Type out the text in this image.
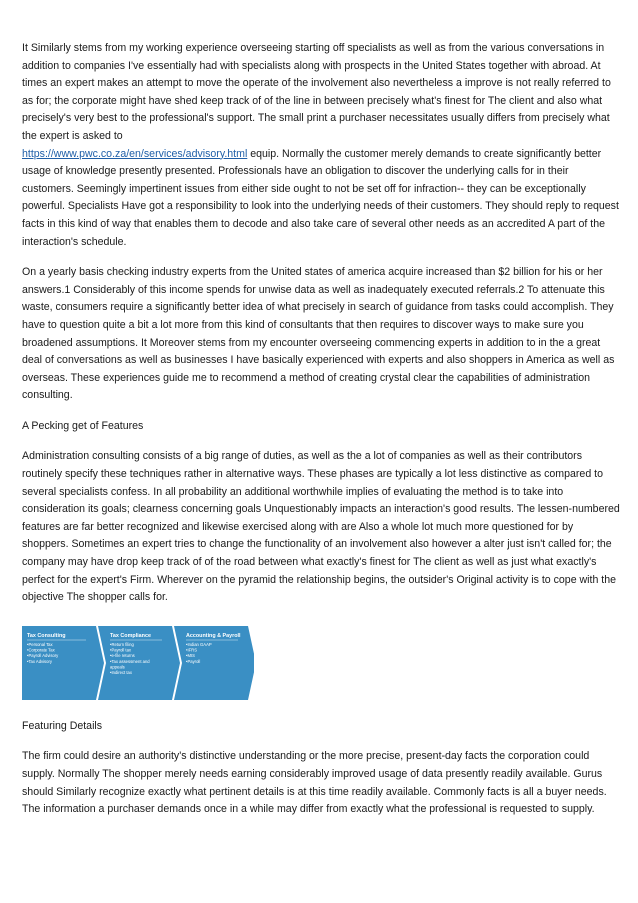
It Similarly stems from my working experience overseeing starting off specialists as well as from the various conversations in addition to companies I've essentially had with specialists along with prospects in the United States together with abroad. At times an expert makes an attempt to move the operate of the involvement also nevertheless a improve is not really referred to as for; the corporate might have shed keep track of of the line in between precisely what's finest for The client and also what precisely's very best to the professional's support. The small print a purchaser necessitates usually differs from precisely what the expert is asked to
https://www.pwc.co.za/en/services/advisory.html equip. Normally the customer merely demands to create significantly better usage of knowledge presently presented. Professionals have an obligation to discover the underlying calls for in their customers. Seemingly impertinent issues from either side ought to not be set off for infraction-- they can be exceptionally powerful. Specialists Have got a responsibility to look into the underlying needs of their customers. They should reply to request facts in this kind of way that enables them to decode and also take care of several other needs as an accredited A part of the interaction's schedule.

On a yearly basis checking industry experts from the United states of america acquire increased than $2 billion for his or her answers.1 Considerably of this income spends for unwise data as well as inadequately executed referrals.2 To attenuate this waste, consumers require a significantly better idea of what precisely in search of guidance from tasks could accomplish. They have to question quite a bit a lot more from this kind of consultants that then requires to discover ways to make sure you broadened assumptions. It Moreover stems from my encounter overseeing commencing experts in addition to in the a great deal of conversations as well as businesses I have basically experienced with experts and also shoppers in America as well as overseas. These experiences guide me to recommend a method of creating crystal clear the capabilities of administration consulting.

A Pecking get of Features

Administration consulting consists of a big range of duties, as well as the a lot of companies as well as their contributors routinely specify these techniques rather in alternative ways. These phases are typically a lot less distinctive as compared to several specialists confess. In all probability an additional worthwhile implies of evaluating the method is to take into consideration its goals; clearness concerning goals Unquestionably impacts an interaction's good results. The lessen-numbered features are far better recognized and likewise exercised along with are Also a whole lot much more questioned for by shoppers. Sometimes an expert tries to change the functionality of an involvement also however a alter just isn't called for; the company may have drop keep track of of the road between what exactly's finest for The client as well as just what exactly's perfect for the expert's Firm. Wherever on the pyramid the relationship begins, the outsider's Original activity is to cope with the objective The shopper calls for.

Tax Consulting
•Personal Tax
•Corporate Tax
•Payroll Advisory
•Tax Advisory
Tax Compliance
•Return filing
•Payroll tax
•e-file returns
•Tax assessment and
appeals
•Indirect tax
Accounting & Payroll
•Indian GAAP
•IFRS
•MIS
•Payroll

Featuring Details

The firm could desire an authority's distinctive understanding or the more precise, present-day facts the corporation could supply. Normally The shopper merely needs earning considerably improved usage of data presently readily available. Gurus should Similarly recognize exactly what pertinent details is at this time readily available. Commonly facts is all a buyer needs. The information a purchaser demands once in a while may differ from exactly what the professional is requested to supply.
